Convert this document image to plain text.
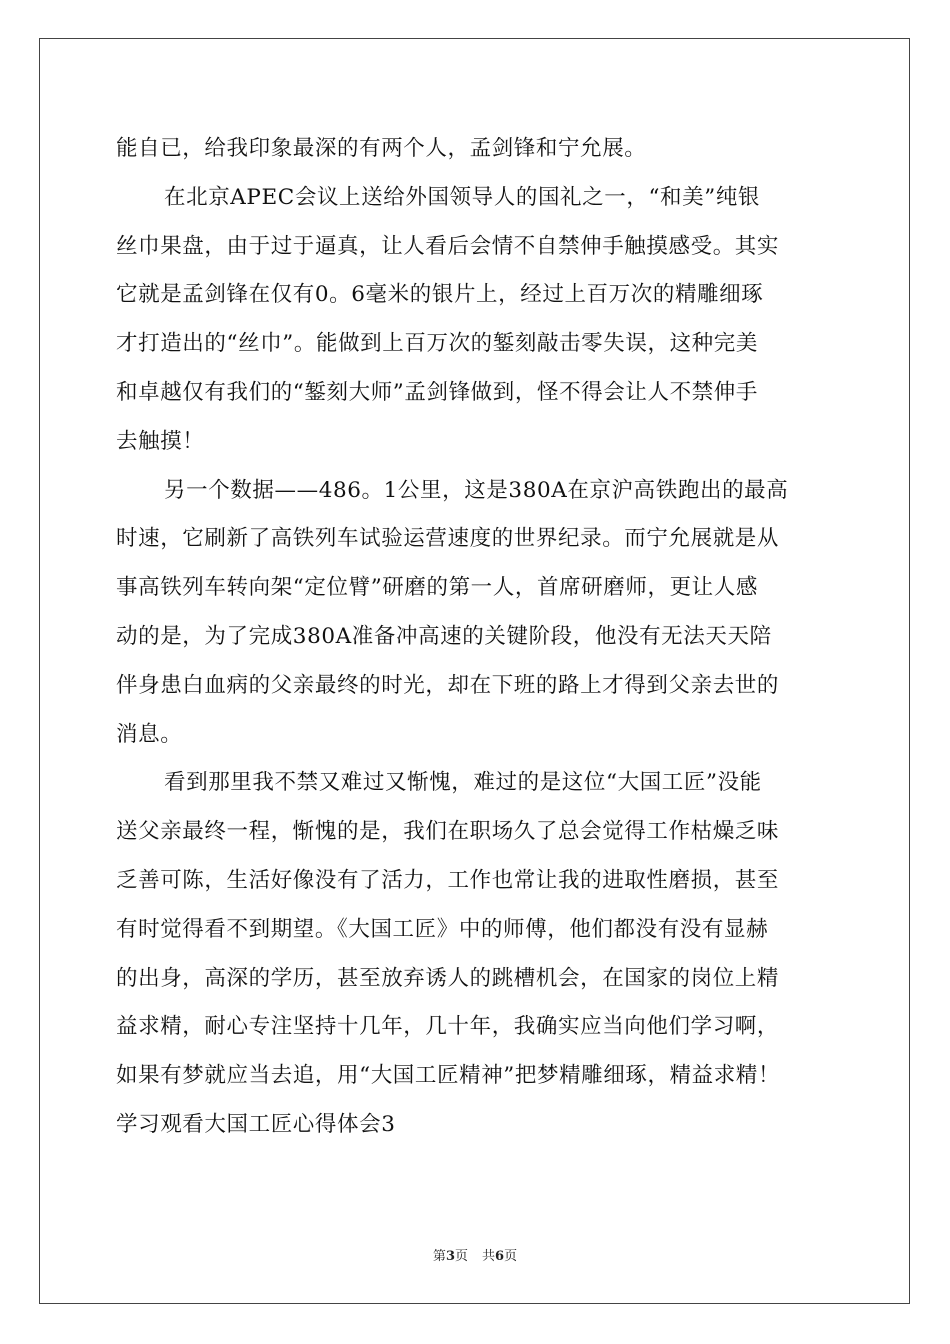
能自已，给我印象最深的有两个人，孟剑锋和宁允展。
在北京APEC会议上送给外国领导人的国礼之一，“和美”纯银
丝巾果盘，由于过于逼真，让人看后会情不自禁伸手触摸感受。其实
它就是孟剑锋在仅有0。6毫米的银片上，经过上百万次的精雕细琢
才打造出的“丝巾”。能做到上百万次的錾刻敲击零失误，这种完美
和卓越仅有我们的“錾刻大师”孟剑锋做到，怪不得会让人不禁伸手
去触摸！
另一个数据——486。1公里，这是380A在京沪高铁跑出的最高
时速，它刷新了高铁列车试验运营速度的世界纪录。而宁允展就是从
事高铁列车转向架“定位臂”研磨的第一人，首席研磨师，更让人感
动的是，为了完成380A准备冲高速的关键阶段，他没有无法天天陪
伴身患白血病的父亲最终的时光，却在下班的路上才得到父亲去世的
消息。
看到那里我不禁又难过又惭愧，难过的是这位“大国工匠”没能
送父亲最终一程，惭愧的是，我们在职场久了总会觉得工作枯燥乏味
乏善可陈，生活好像没有了活力，工作也常让我的进取性磨损，甚至
有时觉得看不到期望。《大国工匠》中的师傅，他们都没有没有显赫
的出身，高深的学历，甚至放弃诱人的跳槽机会，在国家的岗位上精
益求精，耐心专注坚持十几年，几十年，我确实应当向他们学习啊，
如果有梦就应当去追，用“大国工匠精神”把梦精雕细琢，精益求精！
学习观看大国工匠心得体会3
第3页 共6页
